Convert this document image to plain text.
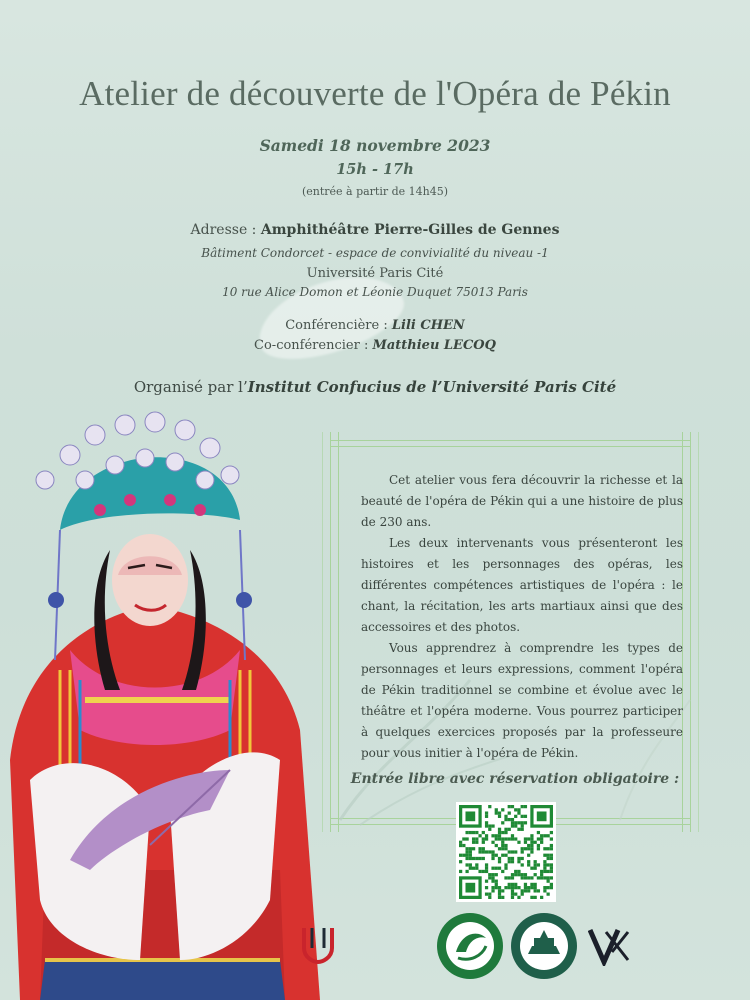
Atelier de découverte de l'Opéra de Pékin
Samedi 18 novembre 2023
15h - 17h
(entrée à partir de 14h45)
Adresse : Amphithéâtre Pierre-Gilles de Gennes
Bâtiment Condorcet - espace de convivialité du niveau -1
Université Paris Cité
10 rue Alice Domon et Léonie Duquet 75013 Paris
Conférencière : Lili CHEN
Co-conférencier : Matthieu LECOQ
Organisé par l’Institut Confucius de l’Université Paris Cité

Cet atelier vous fera découvrir la richesse et la beauté de l'opéra de Pékin qui a une histoire de plus de 230 ans.

Les deux intervenants vous présenteront les histoires et les personnages des opéras, les différentes compétences artistiques de l'opéra : le chant, la récitation, les arts martiaux ainsi que des accessoires et des photos.

Vous apprendrez à comprendre les types de personnages et leurs expressions, comment l'opéra de Pékin traditionnel se combine et évolue avec le théâtre et l'opéra moderne. Vous pourrez participer à quelques exercices proposés par la professeure pour vous initier à l'opéra de Pékin.

Entrée libre avec réservation obligatoire :
